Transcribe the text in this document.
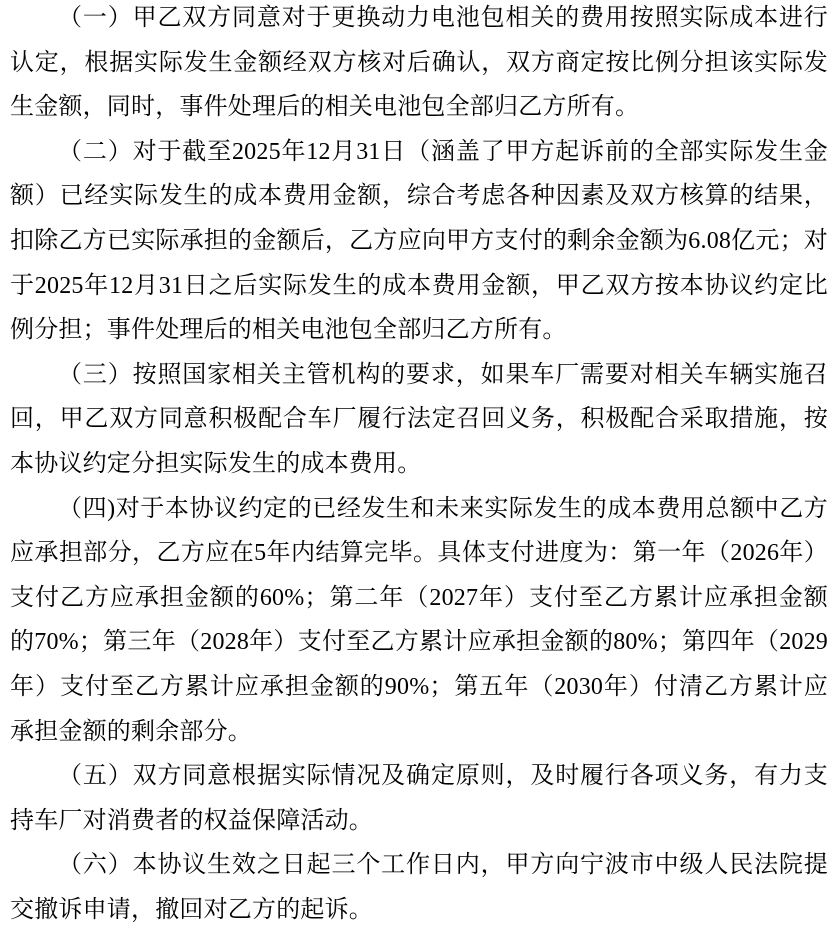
（一）甲乙双方同意对于更换动力电池包相关的费用按照实际成本进行认定，根据实际发生金额经双方核对后确认，双方商定按比例分担该实际发生金额，同时，事件处理后的相关电池包全部归乙方所有。

（二）对于截至2025年12月31日（涵盖了甲方起诉前的全部实际发生金额）已经实际发生的成本费用金额，综合考虑各种因素及双方核算的结果，扣除乙方已实际承担的金额后，乙方应向甲方支付的剩余金额为6.08亿元；对于2025年12月31日之后实际发生的成本费用金额，甲乙双方按本协议约定比例分担；事件处理后的相关电池包全部归乙方所有。

（三）按照国家相关主管机构的要求，如果车厂需要对相关车辆实施召回，甲乙双方同意积极配合车厂履行法定召回义务，积极配合采取措施，按本协议约定分担实际发生的成本费用。

（四)对于本协议约定的已经发生和未来实际发生的成本费用总额中乙方应承担部分，乙方应在5年内结算完毕。具体支付进度为：第一年（2026年）支付乙方应承担金额的60%；第二年（2027年）支付至乙方累计应承担金额的70%；第三年（2028年）支付至乙方累计应承担金额的80%；第四年（2029年）支付至乙方累计应承担金额的90%；第五年（2030年）付清乙方累计应承担金额的剩余部分。

（五）双方同意根据实际情况及确定原则，及时履行各项义务，有力支持车厂对消费者的权益保障活动。

（六）本协议生效之日起三个工作日内，甲方向宁波市中级人民法院提交撤诉申请，撤回对乙方的起诉。
